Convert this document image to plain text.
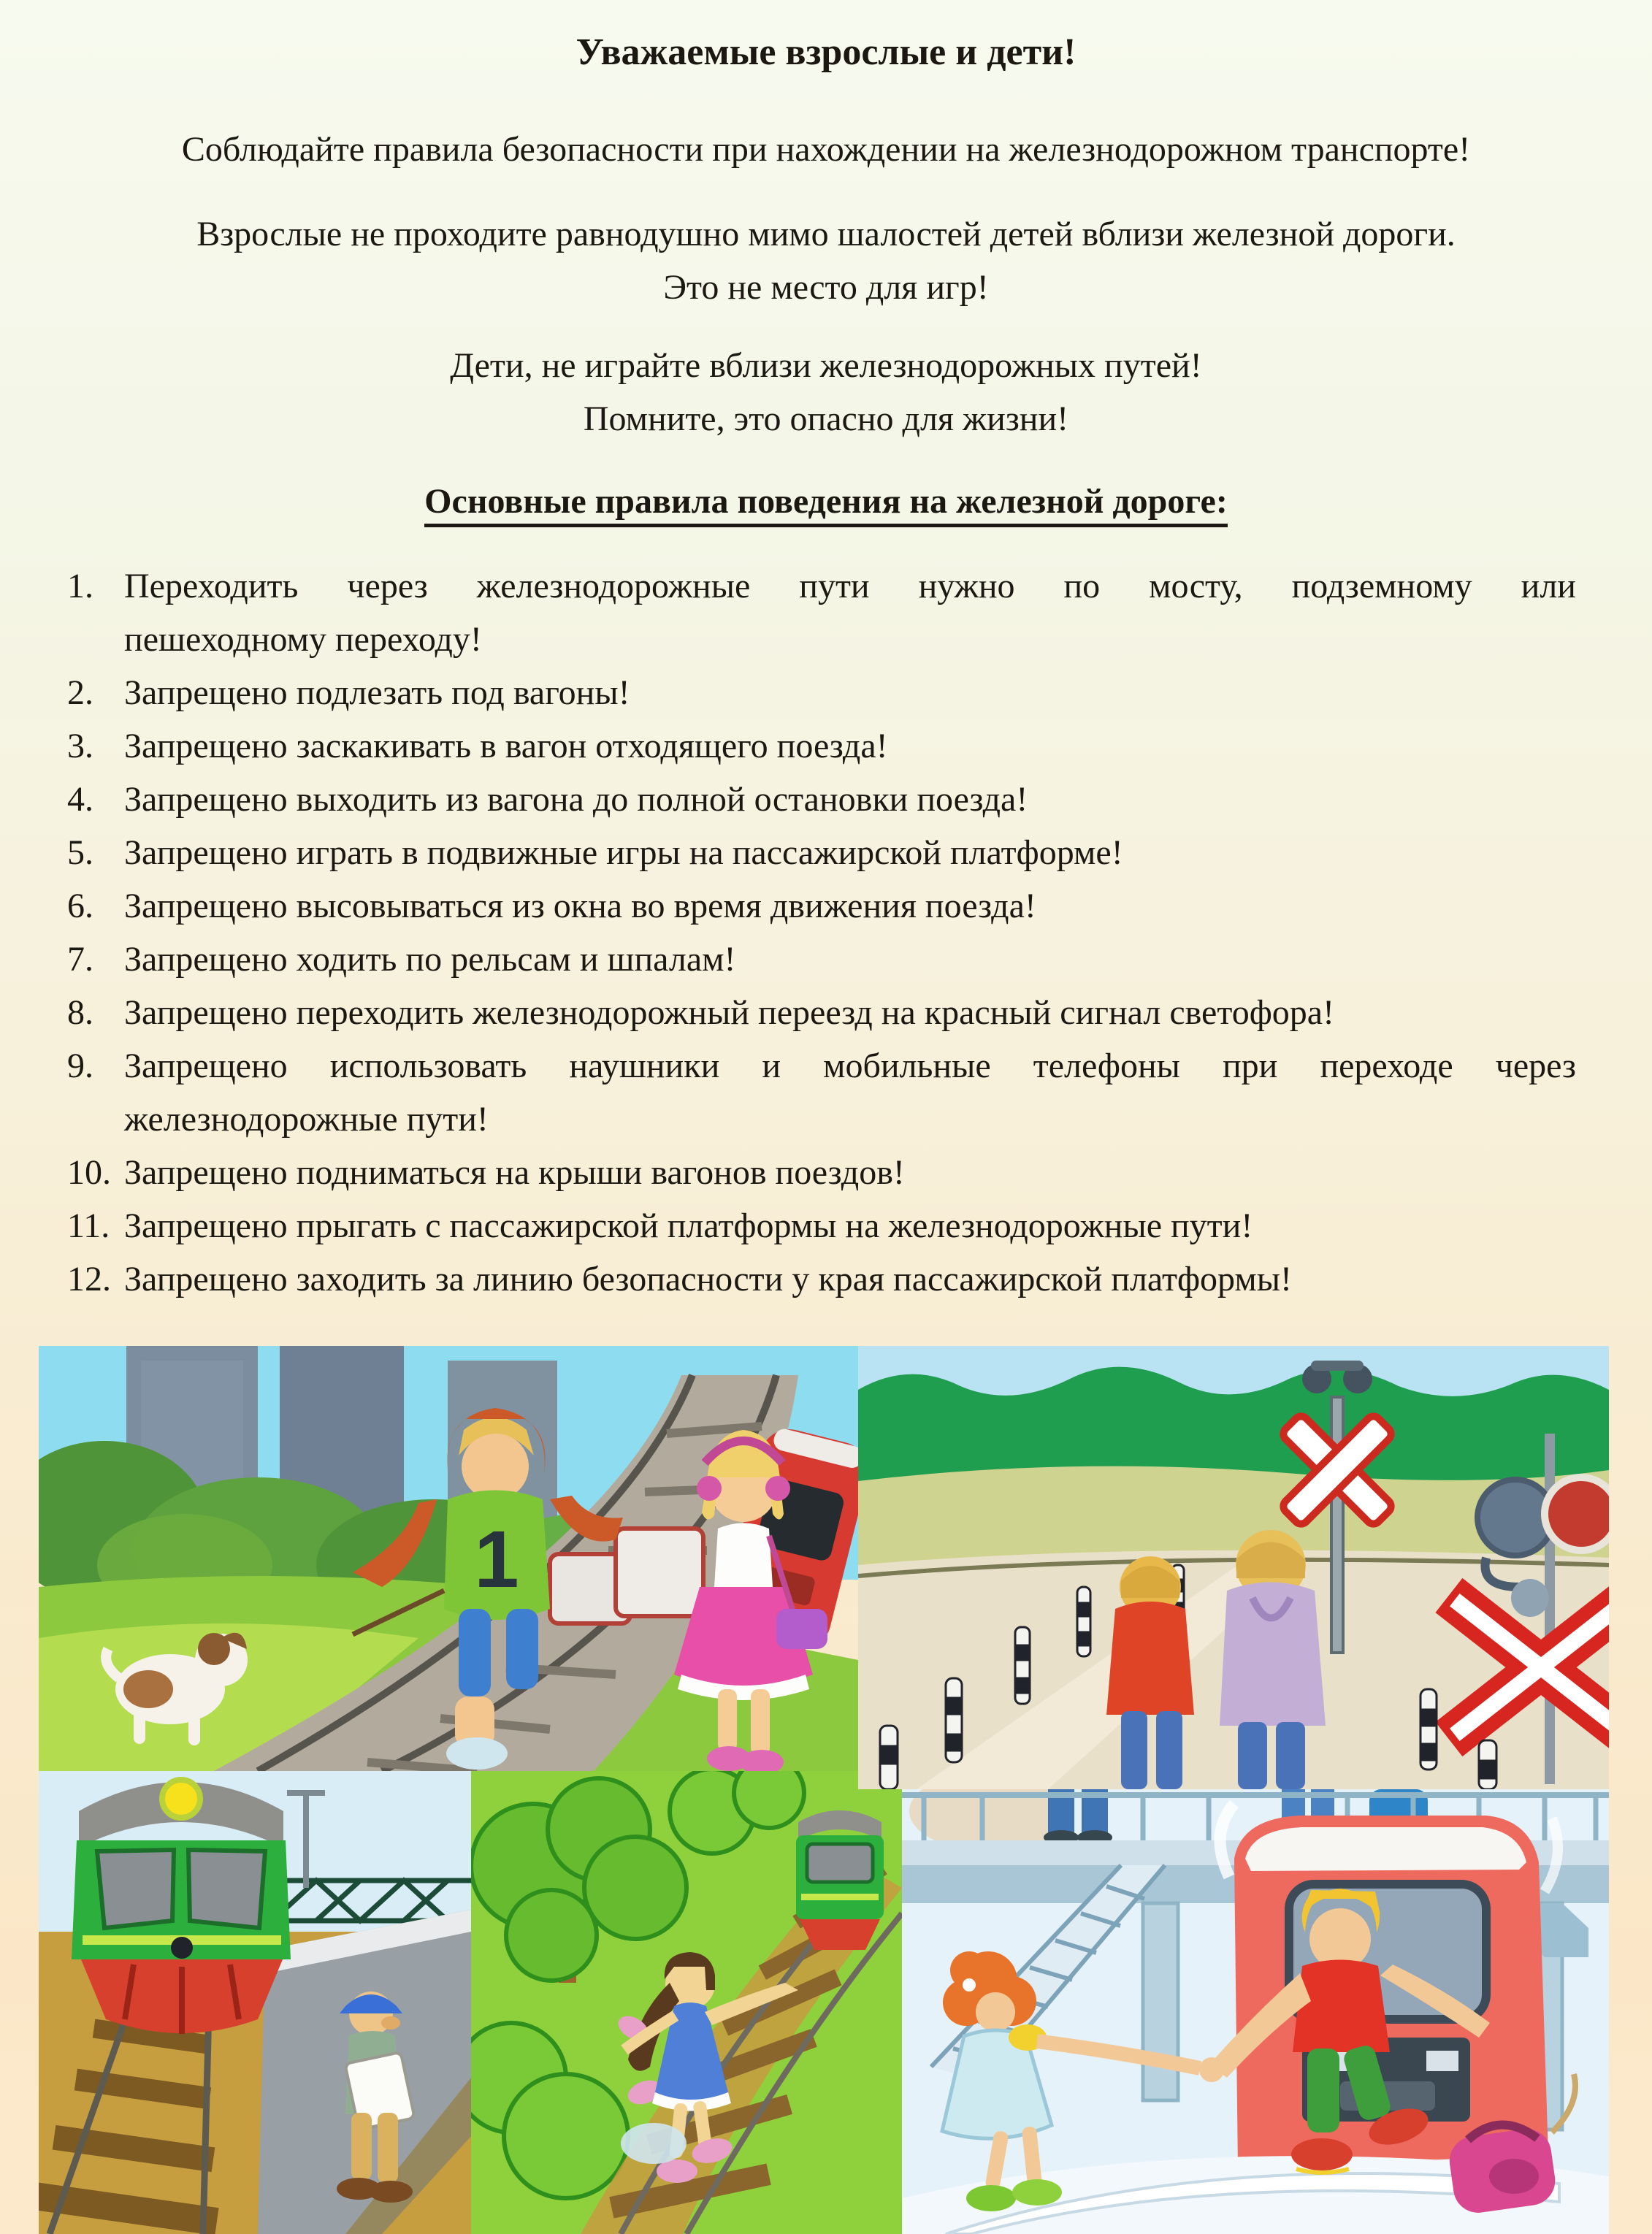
Уважаемые взрослые и дети!
Соблюдайте правила безопасности при нахождении на железнодорожном транспорте!
Взрослые не проходите равнодушно мимо шалостей детей вблизи железной дороги.
Это не место для игр!
Дети, не играйте вблизи железнодорожных путей!
Помните, это опасно для жизни!
Основные правила поведения на железной дороге:
1. Переходить через железнодорожные пути нужно по мосту, подземному или
пешеходному переходу!
2. Запрещено подлезать под вагоны!
3. Запрещено заскакивать в вагон отходящего поезда!
4. Запрещено выходить из вагона до полной остановки поезда!
5. Запрещено играть в подвижные игры на пассажирской платформе!
6. Запрещено высовываться из окна во время движения поезда!
7. Запрещено ходить по рельсам и шпалам!
8. Запрещено переходить железнодорожный переезд на красный сигнал светофора!
9. Запрещено использовать наушники и мобильные телефоны при переходе через
железнодорожные пути!
10. Запрещено подниматься на крыши вагонов поездов!
11. Запрещено прыгать с пассажирской платформы на железнодорожные пути!
12. Запрещено заходить за линию безопасности у края пассажирской платформы!
1
